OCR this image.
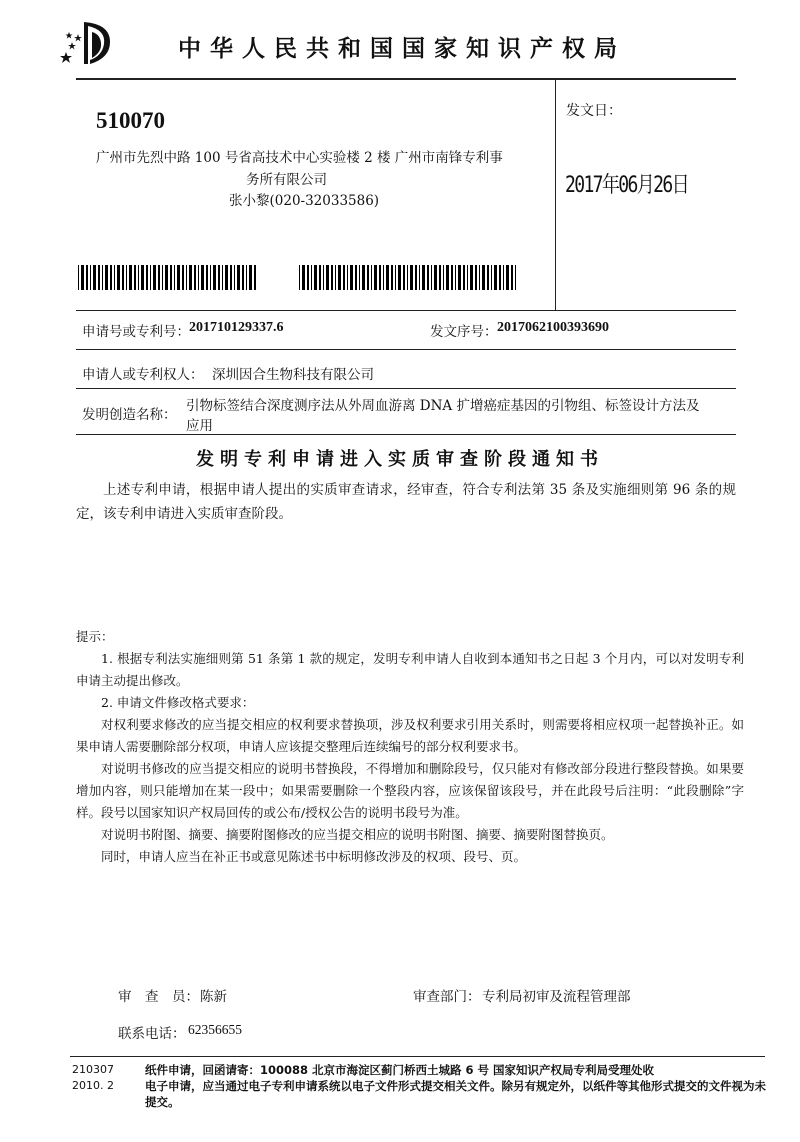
中华人民共和国国家知识产权局
510070
广州市先烈中路 100 号省高技术中心实验楼 2 楼 广州市南锋专利事
务所有限公司
张小黎(020-32033586)
发文日：
2017年06月26日
申请号或专利号： 201710129337.6	发文序号： 2017062100393690
申请人或专利权人： 深圳因合生物科技有限公司
发明创造名称：
引物标签结合深度测序法从外周血游离 DNA 扩增癌症基因的引物组、标签设计方法及
应用
发明专利申请进入实质审查阶段通知书
上述专利申请，根据申请人提出的实质审查请求，经审查，符合专利法第 35 条及实施细则第 96 条的规定，该专利申请进入实质审查阶段。

提示：

1. 根据专利法实施细则第 51 条第 1 款的规定，发明专利申请人自收到本通知书之日起 3 个月内，可以对发明专利申请主动提出修改。

2. 申请文件修改格式要求：

对权利要求修改的应当提交相应的权利要求替换项，涉及权利要求引用关系时，则需要将相应权项一起替换补正。如果申请人需要删除部分权项，申请人应该提交整理后连续编号的部分权利要求书。

对说明书修改的应当提交相应的说明书替换段，不得增加和删除段号，仅只能对有修改部分段进行整段替换。如果要增加内容，则只能增加在某一段中；如果需要删除一个整段内容，应该保留该段号，并在此段号后注明：“此段删除”字样。段号以国家知识产权局回传的或公布/授权公告的说明书段号为准。

对说明书附图、摘要、摘要附图修改的应当提交相应的说明书附图、摘要、摘要附图替换页。

同时，申请人应当在补正书或意见陈述书中标明修改涉及的权项、段号、页。

审　查　员： 陈新	审查部门： 专利局初审及流程管理部
联系电话： 62356655
210307
2010. 2

纸件申请，回函请寄：100088 北京市海淀区蓟门桥西土城路 6 号 国家知识产权局专利局受理处收

电子申请，应当通过电子专利申请系统以电子文件形式提交相关文件。除另有规定外，以纸件等其他形式提交的文件视为未提交。
